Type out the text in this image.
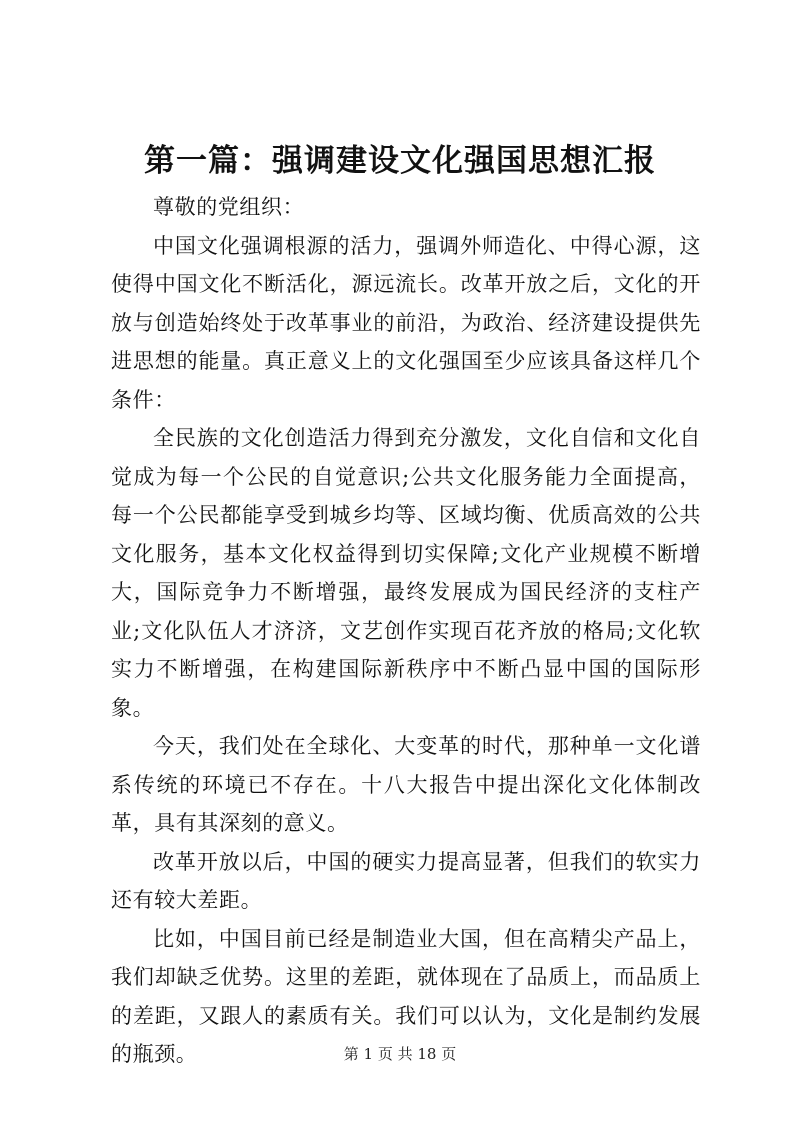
第一篇：强调建设文化强国思想汇报

尊敬的党组织：

中国文化强调根源的活力，强调外师造化、中得心源，这使得中国文化不断活化，源远流长。改革开放之后，文化的开放与创造始终处于改革事业的前沿，为政治、经济建设提供先进思想的能量。真正意义上的文化强国至少应该具备这样几个条件：

全民族的文化创造活力得到充分激发，文化自信和文化自觉成为每一个公民的自觉意识;公共文化服务能力全面提高，每一个公民都能享受到城乡均等、区域均衡、优质高效的公共文化服务，基本文化权益得到切实保障;文化产业规模不断增大，国际竞争力不断增强，最终发展成为国民经济的支柱产业;文化队伍人才济济，文艺创作实现百花齐放的格局;文化软实力不断增强，在构建国际新秩序中不断凸显中国的国际形象。

今天，我们处在全球化、大变革的时代，那种单一文化谱系传统的环境已不存在。十八大报告中提出深化文化体制改革，具有其深刻的意义。

改革开放以后，中国的硬实力提高显著，但我们的软实力还有较大差距。

比如，中国目前已经是制造业大国，但在高精尖产品上，我们却缺乏优势。这里的差距，就体现在了品质上，而品质上的差距，又跟人的素质有关。我们可以认为，文化是制约发展的瓶颈。	第 1 页 共 18 页
